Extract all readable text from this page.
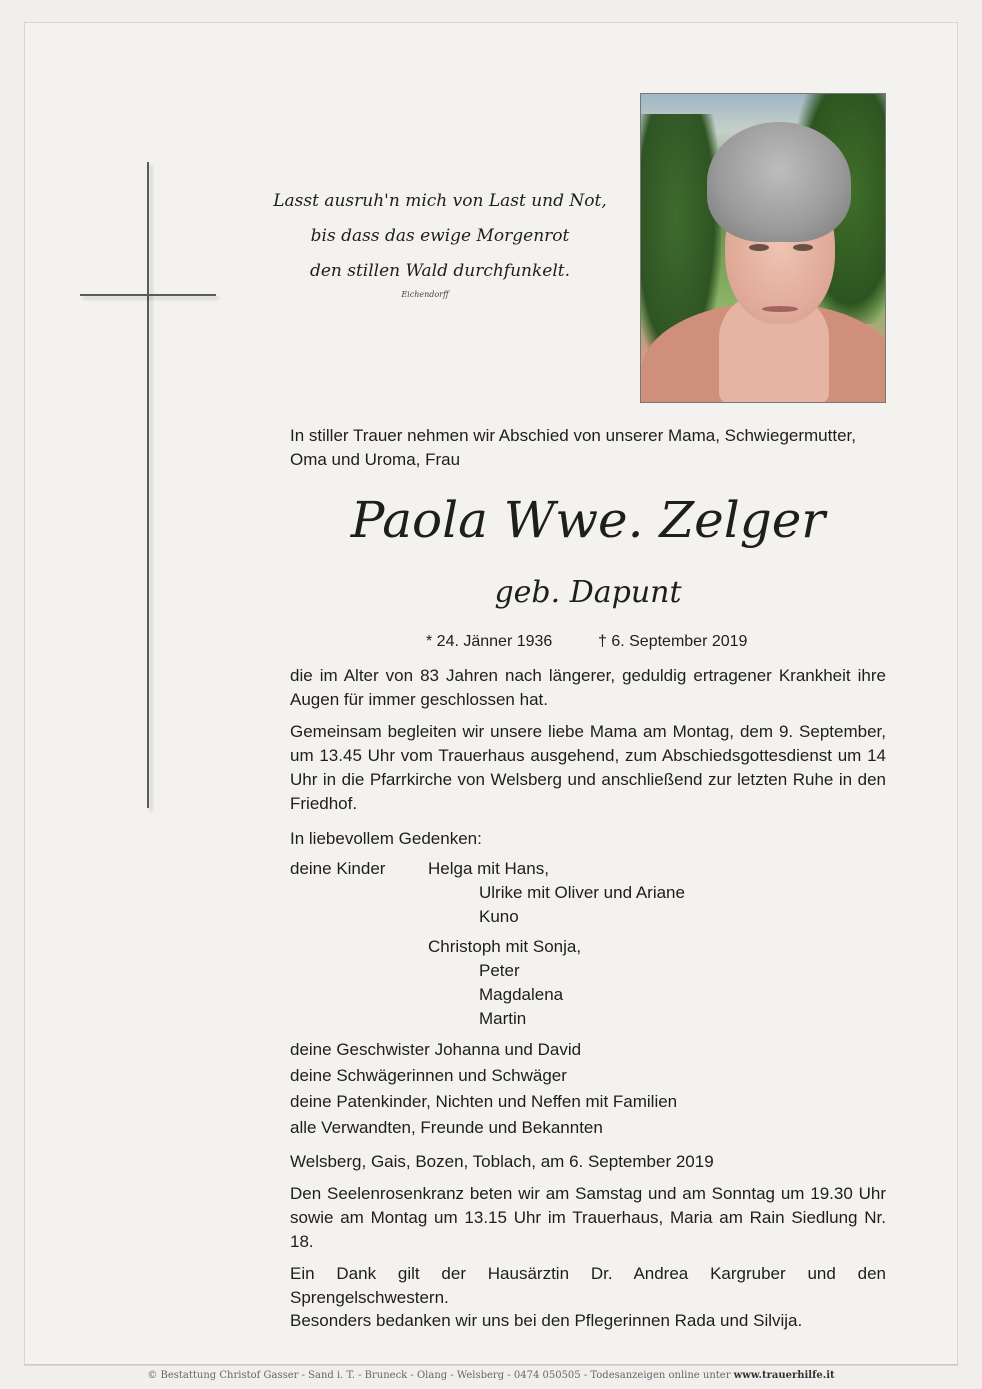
Lasst ausruh'n mich von Last und Not,
bis dass das ewige Morgenrot
den stillen Wald durchfunkelt.
Eichendorff
In stiller Trauer nehmen wir Abschied von unserer Mama, Schwiegermutter, Oma und Uroma, Frau
Paola Wwe. Zelger
geb. Dapunt
* 24. Jänner 1936	† 6. September 2019
die im Alter von 83 Jahren nach längerer, geduldig ertragener Krankheit ihre Augen für immer geschlossen hat.
Gemeinsam begleiten wir unsere liebe Mama am Montag, dem 9. September, um 13.45 Uhr vom Trauerhaus ausgehend, zum Abschiedsgottesdienst um 14 Uhr in die Pfarrkirche von Welsberg und anschließend zur letzten Ruhe in den Friedhof.
In liebevollem Gedenken:
deine Kinder	Helga mit Hans,
Ulrike mit Oliver und Ariane
Kuno
Christoph mit Sonja,
Peter
Magdalena
Martin
deine Geschwister Johanna und David
deine Schwägerinnen und Schwäger
deine Patenkinder, Nichten und Neffen mit Familien
alle Verwandten, Freunde und Bekannten
Welsberg, Gais, Bozen, Toblach, am 6. September 2019
Den Seelenrosenkranz beten wir am Samstag und am Sonntag um 19.30 Uhr sowie am Montag um 13.15 Uhr im Trauerhaus, Maria am Rain Siedlung Nr. 18.
Ein Dank gilt der Hausärztin Dr. Andrea Kargruber und den Sprengelschwestern.
Besonders bedanken wir uns bei den Pflegerinnen Rada und Silvija.
© Bestattung Christof Gasser - Sand i. T. - Bruneck - Olang - Welsberg - 0474 050505 - Todesanzeigen online unter www.trauerhilfe.it
